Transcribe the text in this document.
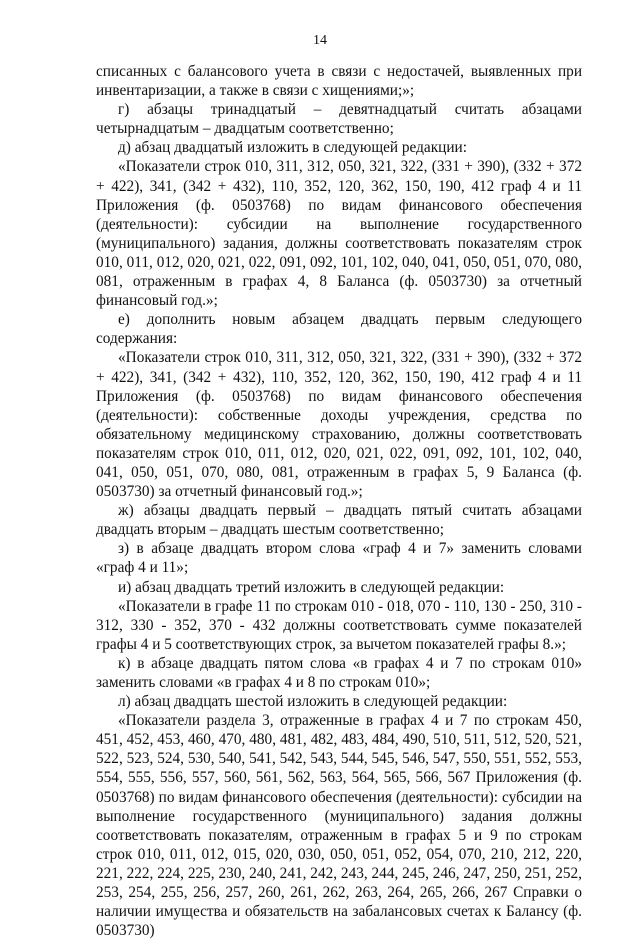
14

списанных с балансового учета в связи с недостачей, выявленных при инвентаризации, а также в связи с хищениями;»;

г) абзацы тринадцатый – девятнадцатый считать абзацами четырнадцатым – двадцатым соответственно;

д) абзац двадцатый изложить в следующей редакции:

«Показатели строк 010, 311, 312, 050, 321, 322, (331 + 390), (332 + 372 + 422), 341, (342 + 432), 110, 352, 120, 362, 150, 190, 412 граф 4 и 11 Приложения (ф. 0503768) по видам финансового обеспечения (деятельности): субсидии на выполнение государственного (муниципального) задания, должны соответствовать показателям строк 010, 011, 012, 020, 021, 022, 091, 092, 101, 102, 040, 041, 050, 051, 070, 080, 081, отраженным в графах 4, 8 Баланса (ф. 0503730) за отчетный финансовый год.»;

е) дополнить новым абзацем двадцать первым следующего содержания:

«Показатели строк 010, 311, 312, 050, 321, 322, (331 + 390), (332 + 372 + 422), 341, (342 + 432), 110, 352, 120, 362, 150, 190, 412 граф 4 и 11 Приложения (ф. 0503768) по видам финансового обеспечения (деятельности): собственные доходы учреждения, средства по обязательному медицинскому страхованию, должны соответствовать показателям строк 010, 011, 012, 020, 021, 022, 091, 092, 101, 102, 040, 041, 050, 051, 070, 080, 081, отраженным в графах 5, 9 Баланса (ф. 0503730) за отчетный финансовый год.»;

ж) абзацы двадцать первый – двадцать пятый считать абзацами двадцать вторым – двадцать шестым соответственно;

з) в абзаце двадцать втором слова «граф 4 и 7» заменить словами «граф 4 и 11»;

и) абзац двадцать третий изложить в следующей редакции:

«Показатели в графе 11 по строкам 010 - 018, 070 - 110, 130 - 250, 310 - 312, 330 - 352, 370 - 432 должны соответствовать сумме показателей графы 4 и 5 соответствующих строк, за вычетом показателей графы 8.»;

к) в абзаце двадцать пятом слова «в графах 4 и 7 по строкам 010» заменить словами «в графах 4 и 8 по строкам 010»;

л) абзац двадцать шестой изложить в следующей редакции:

«Показатели раздела 3, отраженные в графах 4 и 7 по строкам 450, 451, 452, 453, 460, 470, 480, 481, 482, 483, 484, 490, 510, 511, 512, 520, 521, 522, 523, 524, 530, 540, 541, 542, 543, 544, 545, 546, 547, 550, 551, 552, 553, 554, 555, 556, 557, 560, 561, 562, 563, 564, 565, 566, 567 Приложения (ф. 0503768) по видам финансового обеспечения (деятельности): субсидии на выполнение государственного (муниципального) задания должны соответствовать показателям, отраженным в графах 5 и 9 по строкам строк 010, 011, 012, 015, 020, 030, 050, 051, 052, 054, 070, 210, 212, 220, 221, 222, 224, 225, 230, 240, 241, 242, 243, 244, 245, 246, 247, 250, 251, 252, 253, 254, 255, 256, 257, 260, 261, 262, 263, 264, 265, 266, 267 Справки о наличии имущества и обязательств на забалансовых счетах к Балансу (ф. 0503730)
